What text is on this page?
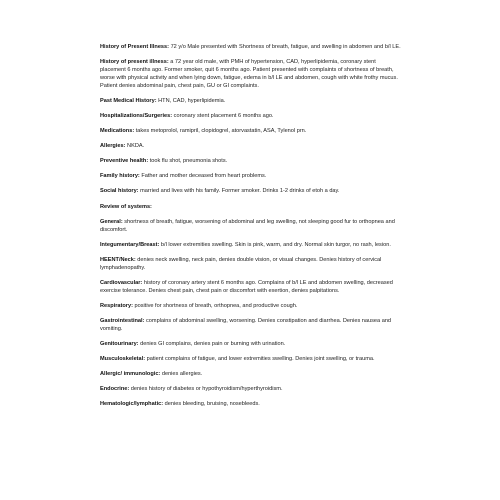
History of Present Illness: 72 y/o Male presented with Shortness of breath, fatigue, and swelling in abdomen and b/l LE.

History of present illness: a 72 year old male, with PMH of hypertension, CAD, hyperlipidemia, coronary stent placement 6 months ago. Former smoker, quit 6 months ago. Patient presented with complaints of shortness of breath, worse with physical activity and when lying down, fatigue, edema in b/l LE and abdomen, cough with white frothy mucus. Patient denies abdominal pain, chest pain, GU or GI complaints.

Past Medical History: HTN, CAD, hyperlipidemia.

Hospitalizations/Surgeries: coronary stent placement 6 months ago.

Medications: takes metoprolol, ramipril, clopidogrel, atorvastatin, ASA, Tylenol prn.

Allergies: NKDA.

Preventive health: took flu shot, pneumonia shots.

Family history: Father and mother deceased from heart problems.

Social history: married and lives with his family. Former smoker. Drinks 1-2 drinks of etoh a day.

Review of systems:

General: shortness of breath, fatigue, worsening of abdominal and leg swelling, not sleeping good fur to orthopnea and discomfort.

Integumentary/Breast: b/l lower extremities swelling. Skin is pink, warm, and dry. Normal skin turgor, no rash, lesion.

HEENT/Neck: denies neck swelling, neck pain, denies double vision, or visual changes. Denies history of cervical lymphadenopathy.

Cardiovascular: history of coronary artery stent 6 months ago. Complains of b/l LE and abdomen swelling, decreased exercise tolerance. Denies chest pain, chest pain or discomfort with exertion, denies palpitations.

Respiratory: positive for shortness of breath, orthopnea, and productive cough.

Gastrointestinal: complains of abdominal swelling, worsening. Denies constipation and diarrhea. Denies nausea and vomiting.

Genitourinary: denies GI complains, denies pain or burning with urination.

Musculoskeletal: patient complains of fatigue, and lower extremities swelling. Denies joint swelling, or trauma.

Allergic/ immunologic: denies allergies.

Endocrine: denies history of diabetes or hypothyroidism/hyperthyroidism.

Hematologic/lymphatic: denies bleeding, bruising, nosebleeds.
